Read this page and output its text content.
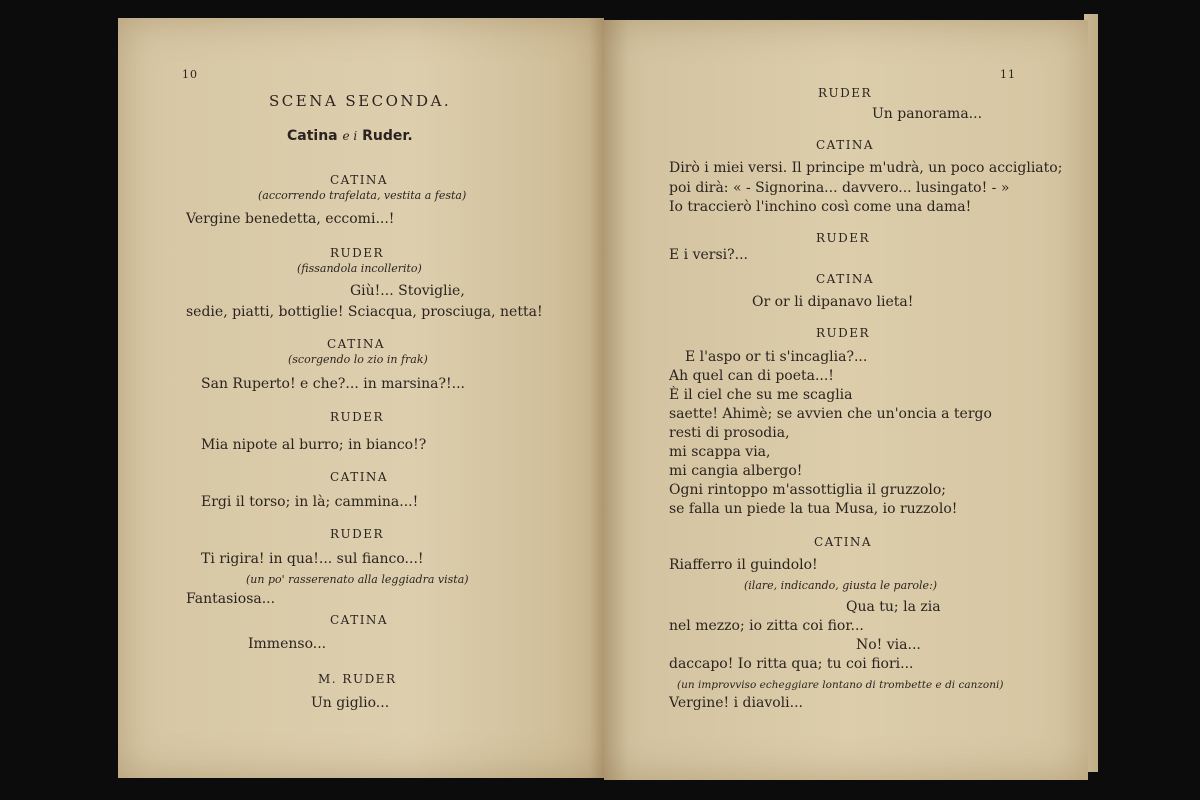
10
SCENA SECONDA.
Catina e i Ruder.
CATINA
(accorrendo trafelata, vestita a festa)
Vergine benedetta, eccomi...!
RUDER
(fissandola incollerito)
Giù!... Stoviglie,
sedie, piatti, bottiglie! Sciacqua, prosciuga, netta!
CATINA
(scorgendo lo zio in frak)
San Ruperto! e che?... in marsina?!...
RUDER
Mia nipote al burro; in bianco!?
CATINA
Ergi il torso; in là; cammina...!
RUDER
Ti rigira! in qua!... sul fianco...!
(un po' rasserenato alla leggiadra vista)
Fantasiosa...
CATINA
Immenso...
M. RUDER
Un giglio...
11
RUDER
Un panorama...
CATINA
Dirò i miei versi. Il principe m'udrà, un poco accigliato;
poi dirà: « - Signorina... davvero... lusingato! - »
Io traccierò l'inchino così come una dama!
RUDER
E i versi?...
CATINA
Or or li dipanavo lieta!
RUDER
E l'aspo or ti s'incaglia?...
Ah quel can di poeta...!
È il ciel che su me scaglia
saette! Ahimè; se avvien che un'oncia a tergo
resti di prosodia,
mi scappa via,
mi cangia albergo!
Ogni rintoppo m'assottiglia il gruzzolo;
se falla un piede la tua Musa, io ruzzolo!
CATINA
Riafferro il guindolo!
(ilare, indicando, giusta le parole:)
Qua tu; la zia
nel mezzo; io zitta coi fior...
No! via...
daccapo! Io ritta qua; tu coi fiori...
(un improvviso echeggiare lontano di trombette e di canzoni)
Vergine! i diavoli...
